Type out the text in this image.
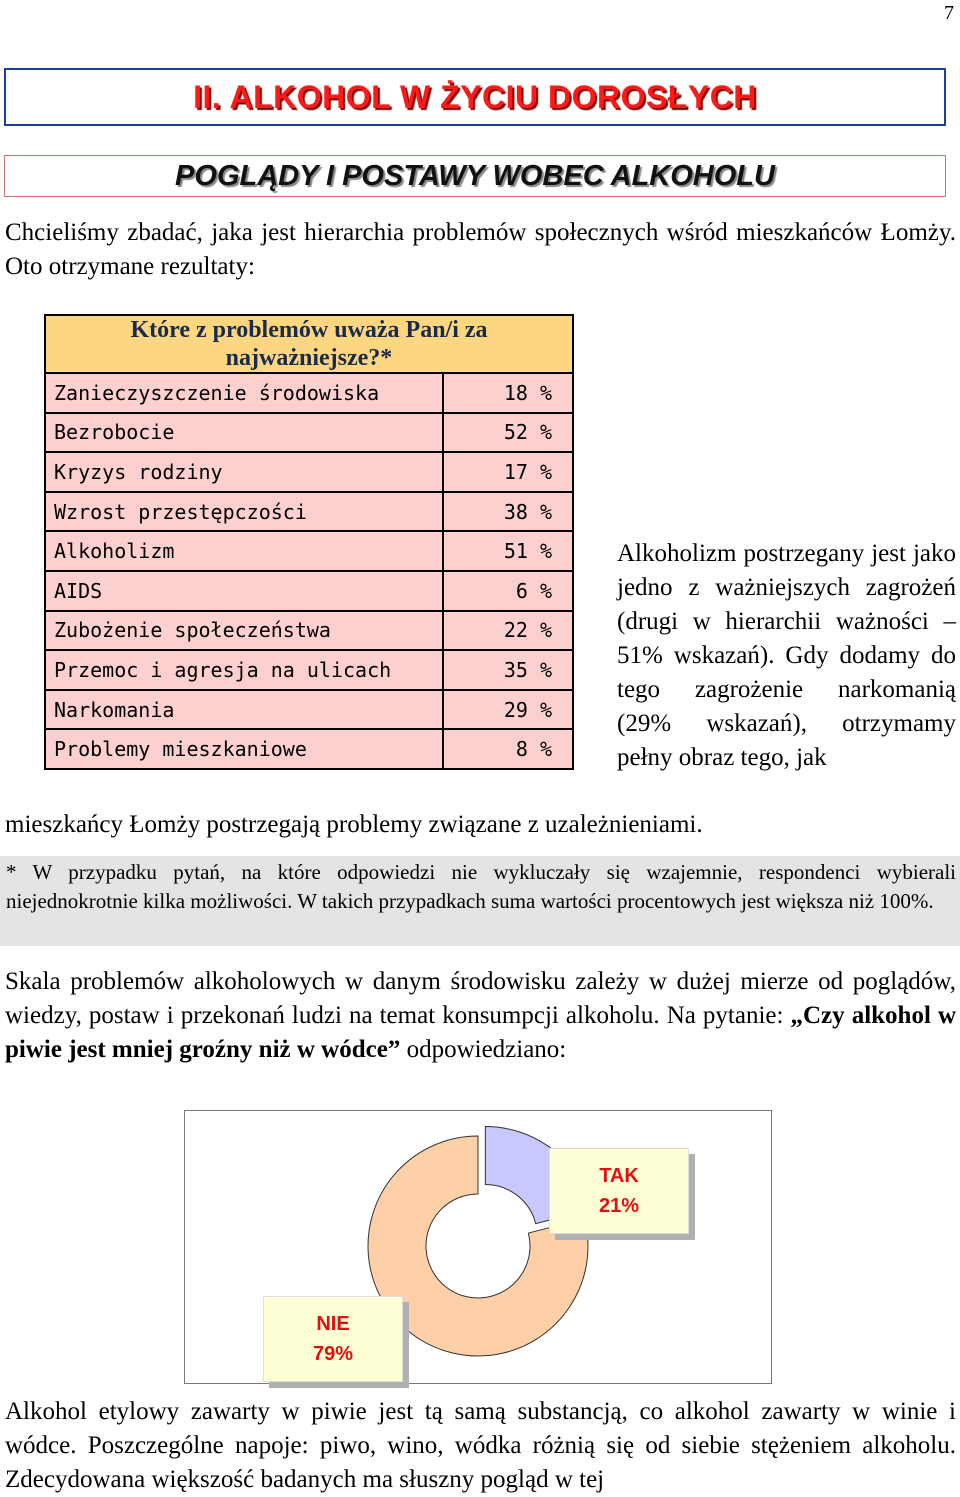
7
II. ALKOHOL W ŻYCIU DOROSŁYCH
POGLĄDY I POSTAWY WOBEC ALKOHOLU
Chcieliśmy zbadać, jaka jest hierarchia problemów społecznych wśród mieszkańców Łomży. Oto otrzymane rezultaty:
Które z problemów uważa Pan/i za
najważniejsze?*	
Zanieczyszczenie środowiska	18 %
Bezrobocie	52 %
Kryzys rodziny	17 %
Wzrost przestępczości	38 %
Alkoholizm	51 %
AIDS	6 %
Zubożenie społeczeństwa	22 %
Przemoc i agresja na ulicach	35 %
Narkomania	29 %
Problemy mieszkaniowe	8 %
Alkoholizm postrzegany jest jako jedno z ważniejszych zagrożeń (drugi w hierarchii ważności – 51% wskazań). Gdy dodamy do tego zagrożenie narkomanią (29% wskazań), otrzymamy pełny obraz tego, jak
mieszkańcy Łomży postrzegają problemy związane z uzależnieniami.
* W przypadku pytań, na które odpowiedzi nie wykluczały się wzajemnie, respondenci wybierali niejednokrotnie kilka możliwości. W takich przypadkach suma wartości procentowych jest większa niż 100%.
Skala problemów alkoholowych w danym środowisku zależy w dużej mierze od poglądów, wiedzy, postaw i przekonań ludzi na temat konsumpcji alkoholu. Na pytanie: „Czy alkohol w piwie jest mniej groźny niż w wódce” odpowiedziano:
TAK
21%
NIE
79%
Alkohol etylowy zawarty w piwie jest tą samą substancją, co alkohol zawarty w winie i wódce. Poszczególne napoje: piwo, wino, wódka różnią się od siebie stężeniem alkoholu. Zdecydowana większość badanych ma słuszny pogląd w tej
